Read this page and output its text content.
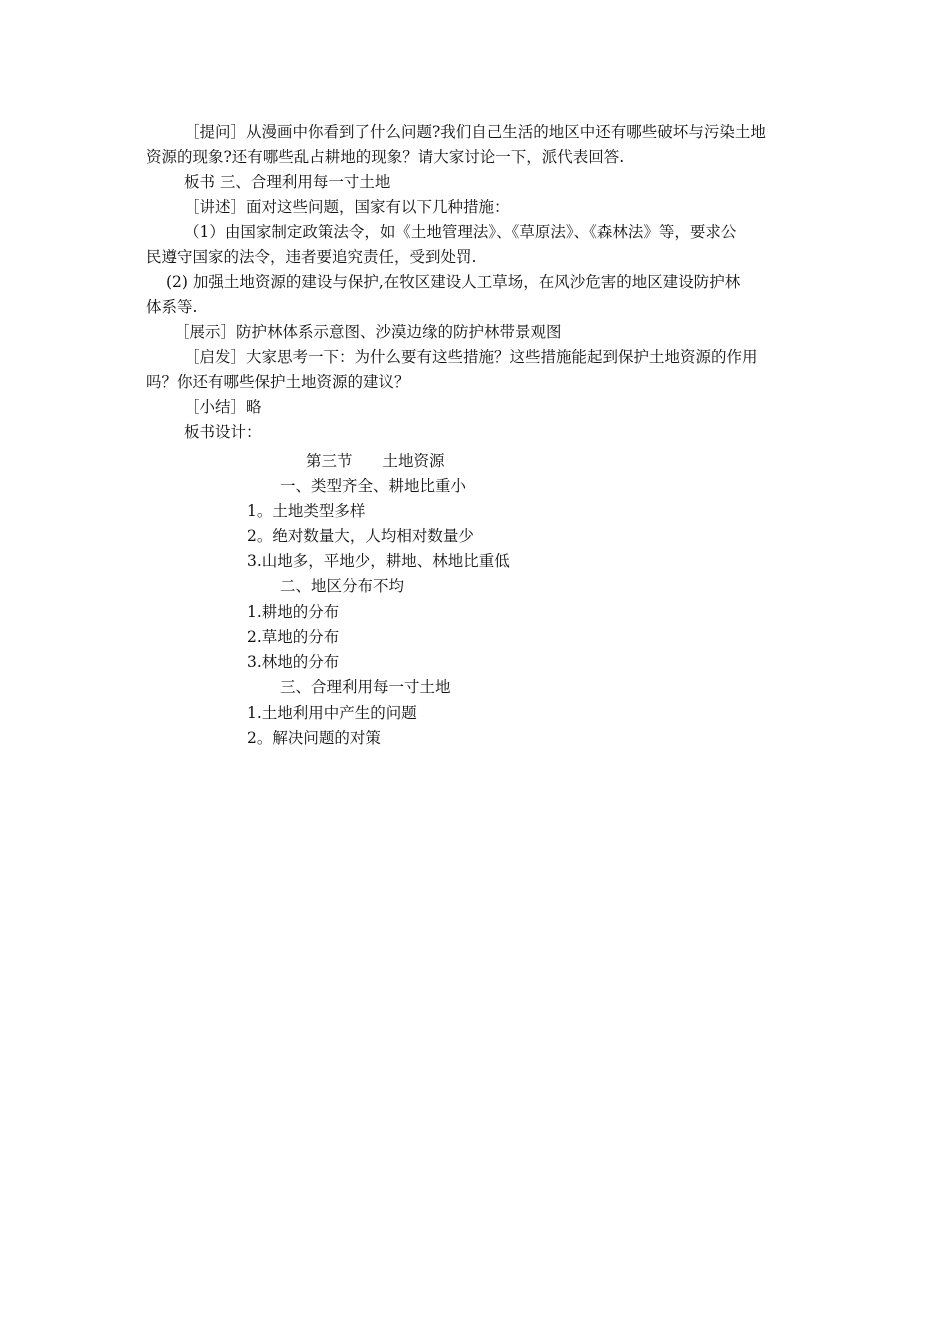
［提问］从漫画中你看到了什么问题?我们自己生活的地区中还有哪些破坏与污染土地
资源的现象?还有哪些乱占耕地的现象？请大家讨论一下，派代表回答.
板书 三、合理利用每一寸土地
［讲述］面对这些问题，国家有以下几种措施：
（1）由国家制定政策法令，如《土地管理法》、《草原法》、《森林法》等，要求公
民遵守国家的法令，违者要追究责任，受到处罚.
(2) 加强土地资源的建设与保护,在牧区建设人工草场，在风沙危害的地区建设防护林
体系等.
［展示］防护林体系示意图、沙漠边缘的防护林带景观图
［启发］大家思考一下：为什么要有这些措施？这些措施能起到保护土地资源的作用
吗？你还有哪些保护土地资源的建议？
［小结］略
板书设计：
第三节 土地资源
一、类型齐全、耕地比重小
1。土地类型多样
2。绝对数量大，人均相对数量少
3.山地多，平地少，耕地、林地比重低
二、地区分布不均
1.耕地的分布
2.草地的分布
3.林地的分布
三、合理利用每一寸土地
1.土地利用中产生的问题
2。解决问题的对策
